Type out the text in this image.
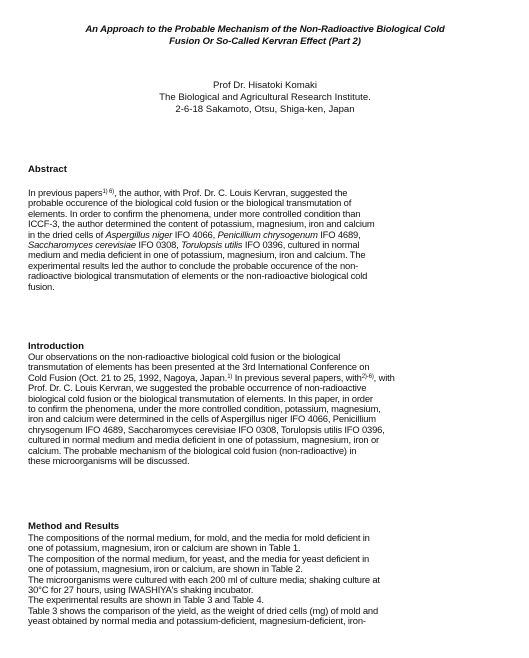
An Approach to the Probable Mechanism of the Non-Radioactive Biological Cold
Fusion Or So-Called Kervran Effect (Part 2)
Prof Dr. Hisatoki Komaki
The Biological and Agricultural Research Institute.
2-6-18 Sakamoto, Otsu, Shiga-ken, Japan
Abstract

In previous papers$^{1) 6)}$, the author, with Prof. Dr. C. Louis Kervran, suggested the

probable occurence of the biological cold fusion or the biological transmutation of

elements. In order to confirm the phenomena, under more controlled condition than

ICCF-3, the author determined the content of potassium, magnesium, iron and calcium

in the dried cells of Aspergillus niger IFO 4066, Penicillium chrysogenum IFO 4689,

Saccharomyces cerevisiae IFO 0308, Torulopsis utilis IFO 0396, cultured in normal

medium and media deficient in one of potassium, magnesium, iron and calcium. The

experimental results led the author to conclude the probable occurence of the non-

radioactive biological transmutation of elements or the non-radioactive biological cold

fusion.

Introduction

Our observations on the non-radioactive biological cold fusion or the biological

transmutation of elements has been presented at the 3rd International Conference on

Cold Fusion (Oct. 21 to 25, 1992, Nagoya, Japan.$^{1)}$ In previous several papers, with$^{2)-6)}$, with

Prof. Dr. C. Louis Kervran, we suggested the probable occurrence of non-radioactive

biological cold fusion or the biological transmutation of elements. In this paper, in order

to confirm the phenomena, under the more controlled condition, potassium, magnesium,

iron and calcium were determined in the cells of Aspergillus niger IFO 4066, Penicillium

chrysogenum IFO 4689, Saccharomyces cerevisiae IFO 0308, Torulopsis utilis IFO 0396,

cultured in normal medium and media deficient in one of potassium, magnesium, iron or

calcium. The probable mechanism of the biological cold fusion (non-radioactive) in

these microorganisms will be discussed.

Method and Results

The compositions of the normal medium, for mold, and the media for mold deficient in

one of potassium, magnesium, iron or calcium are shown in Table 1.

The composition of the normal medium, for yeast, and the media for yeast deficient in

one of potassium, magnesium, iron or calcium, are shown in Table 2.

The microorganisms were cultured with each 200 ml of culture media; shaking culture at

30°C for 27 hours, using IWASHIYA's shaking incubator.

The experimental results are shown in Table 3 and Table 4.

Table 3 shows the comparison of the yield, as the weight of dried cells (mg) of mold and

yeast obtained by normal media and potassium-deficient, magnesium-deficient, iron-
